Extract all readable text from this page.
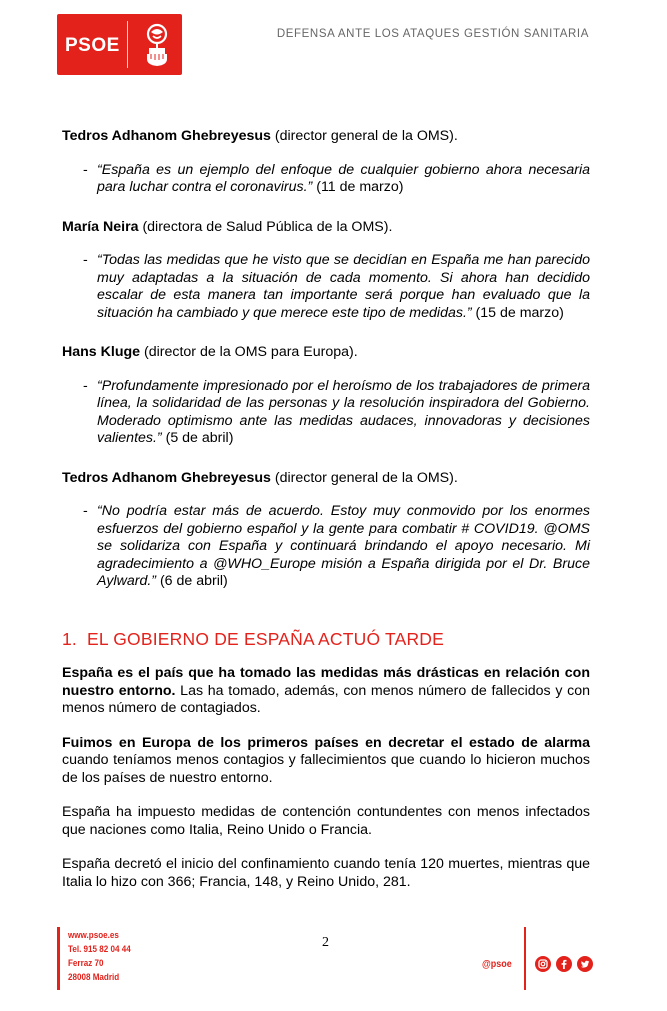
PSOE
DEFENSA ANTE LOS ATAQUES GESTIÓN SANITARIA
Tedros Adhanom Ghebreyesus (director general de la OMS).
- “España es un ejemplo del enfoque de cualquier gobierno ahora necesaria para luchar contra el coronavirus.” (11 de marzo)
María Neira (directora de Salud Pública de la OMS).
- “Todas las medidas que he visto que se decidían en España me han parecido muy adaptadas a la situación de cada momento. Si ahora han decidido escalar de esta manera tan importante será porque han evaluado que la situación ha cambiado y que merece este tipo de medidas.” (15 de marzo)
Hans Kluge (director de la OMS para Europa).
- “Profundamente impresionado por el heroísmo de los trabajadores de primera línea, la solidaridad de las personas y la resolución inspiradora del Gobierno. Moderado optimismo ante las medidas audaces, innovadoras y decisiones valientes.” (5 de abril)
Tedros Adhanom Ghebreyesus (director general de la OMS).
- “No podría estar más de acuerdo. Estoy muy conmovido por los enormes esfuerzos del gobierno español y la gente para combatir # COVID19. @OMS se solidariza con España y continuará brindando el apoyo necesario. Mi agradecimiento a @WHO_Europe misión a España dirigida por el Dr. Bruce Aylward.” (6 de abril)
1. EL GOBIERNO DE ESPAÑA ACTUÓ TARDE

España es el país que ha tomado las medidas más drásticas en relación con nuestro entorno. Las ha tomado, además, con menos número de fallecidos y con menos número de contagiados.

Fuimos en Europa de los primeros países en decretar el estado de alarma cuando teníamos menos contagios y fallecimientos que cuando lo hicieron muchos de los países de nuestro entorno.

España ha impuesto medidas de contención contundentes con menos infectados que naciones como Italia, Reino Unido o Francia.

España decretó el inicio del confinamiento cuando tenía 120 muertes, mientras que Italia lo hizo con 366; Francia, 148, y Reino Unido, 281.

2
www.psoe.es
Tel. 915 82 04 44
Ferraz 70
28008 Madrid
@psoe
